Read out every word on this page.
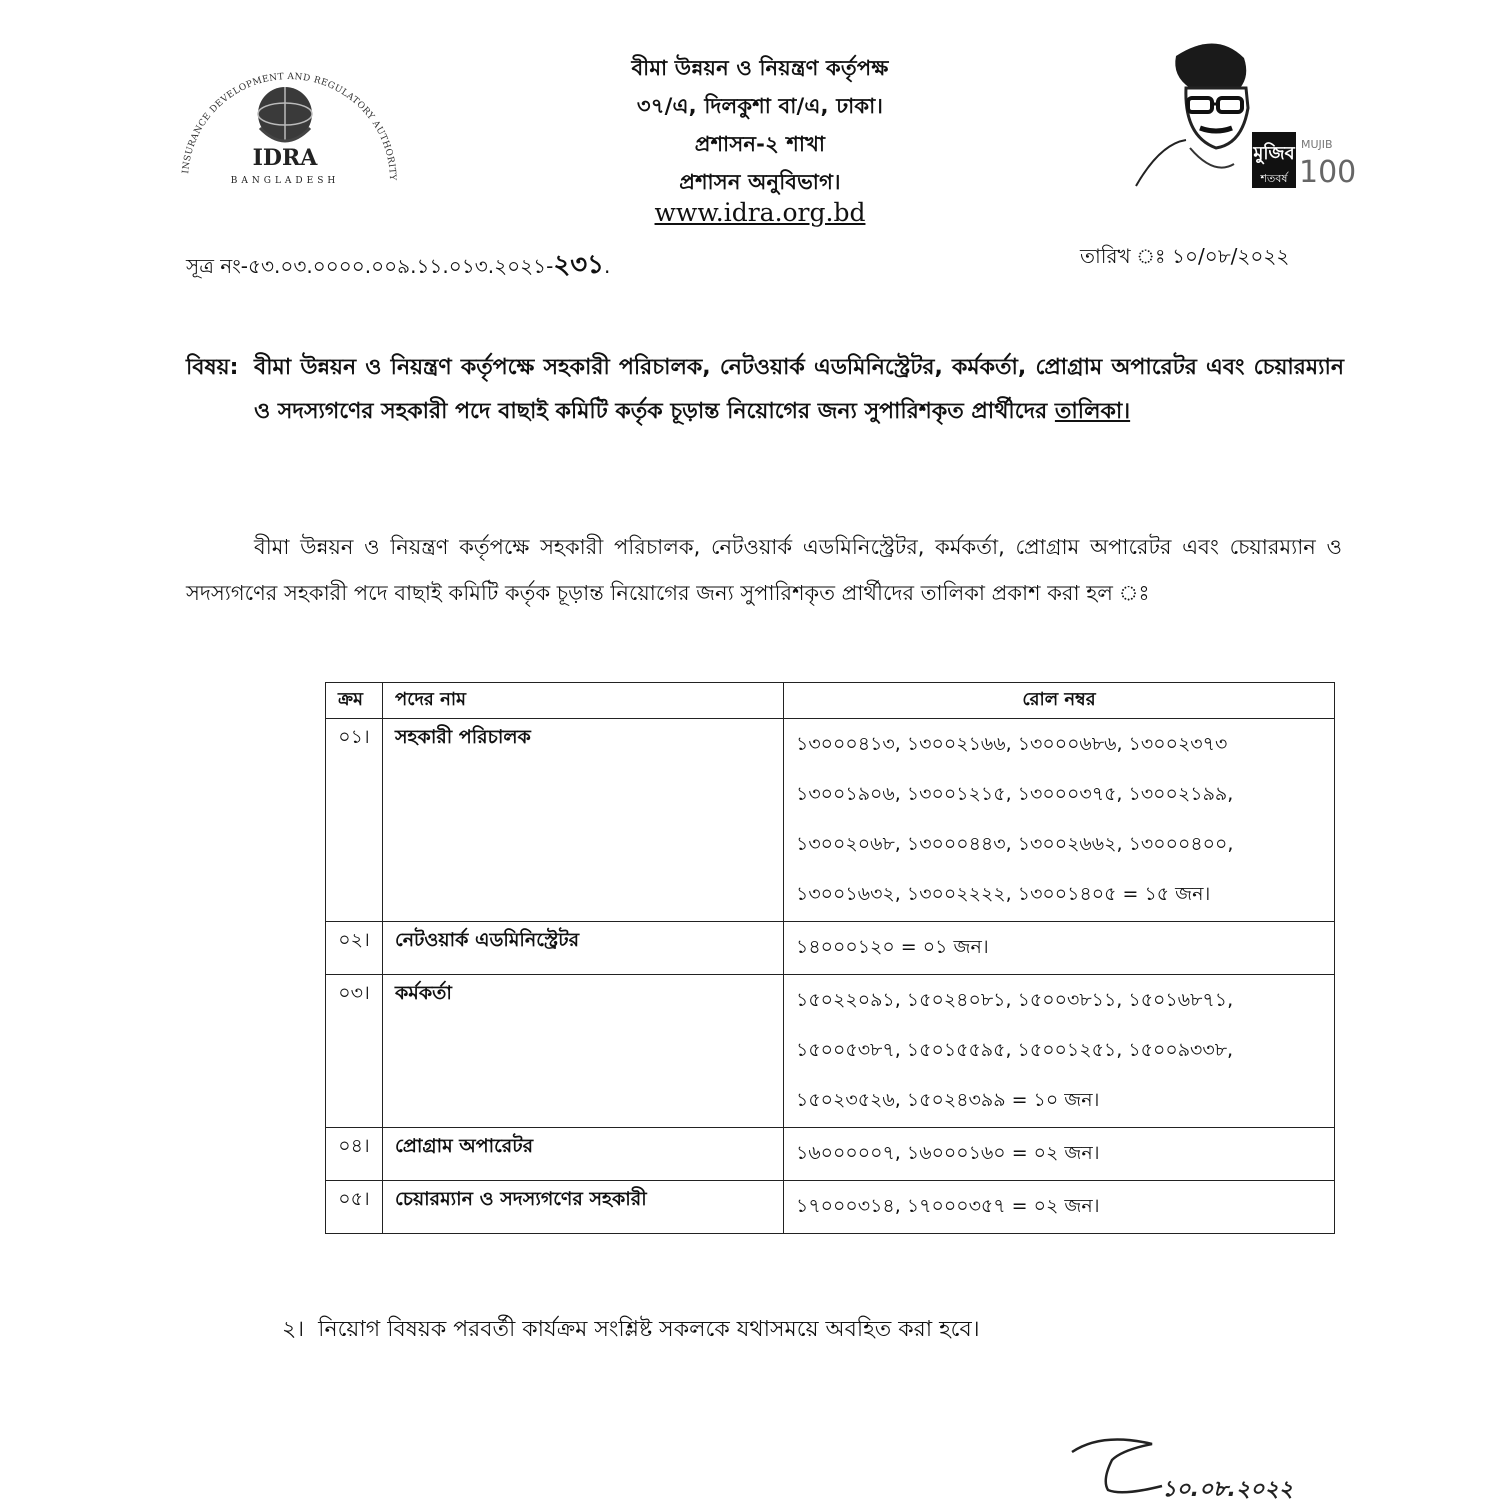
INSURANCE DEVELOPMENT AND REGULATORY AUTHORITY
IDRA
BANGLADESH
বীমা উন্নয়ন ও নিয়ন্ত্রণ কর্তৃপক্ষ
৩৭/এ, দিলকুশা বা/এ, ঢাকা।
প্রশাসন-২ শাখা
প্রশাসন অনুবিভাগ।
www.idra.org.bd
মুজিব
শতবর্ষ
MUJIB
100
সূত্র নং-৫৩.০৩.০০০০.০০৯.১১.০১৩.২০২১-২৩১.	তারিখ ঃ ১০/০৮/২০২২
বিষয়: বীমা উন্নয়ন ও নিয়ন্ত্রণ কর্তৃপক্ষে সহকারী পরিচালক, নেটওয়ার্ক এডমিনিস্ট্রেটর, কর্মকর্তা, প্রোগ্রাম অপারেটর এবং চেয়ারম্যান ও সদস্যগণের সহকারী পদে বাছাই কমিটি কর্তৃক চূড়ান্ত নিয়োগের জন্য সুপারিশকৃত প্রার্থীদের তালিকা।
বীমা উন্নয়ন ও নিয়ন্ত্রণ কর্তৃপক্ষে সহকারী পরিচালক, নেটওয়ার্ক এডমিনিস্ট্রেটর, কর্মকর্তা, প্রোগ্রাম অপারেটর এবং চেয়ারম্যান ও সদস্যগণের সহকারী পদে বাছাই কমিটি কর্তৃক চূড়ান্ত নিয়োগের জন্য সুপারিশকৃত প্রার্থীদের তালিকা প্রকাশ করা হল ঃ
ক্রম	পদের নাম	রোল নম্বর
০১।	সহকারী পরিচালক	১৩০০০৪১৩, ১৩০০২১৬৬, ১৩০০০৬৮৬, ১৩০০২৩৭৩
১৩০০১৯০৬, ১৩০০১২১৫, ১৩০০০৩৭৫, ১৩০০২১৯৯,
১৩০০২০৬৮, ১৩০০০৪৪৩, ১৩০০২৬৬২, ১৩০০০৪০০,
১৩০০১৬৩২, ১৩০০২২২২, ১৩০০১৪০৫ = ১৫ জন।

০২।	নেটওয়ার্ক এডমিনিস্ট্রেটর	১৪০০০১২০ = ০১ জন।

০৩।	কর্মকর্তা	১৫০২২০৯১, ১৫০২৪০৮১, ১৫০০৩৮১১, ১৫০১৬৮৭১,
১৫০০৫৩৮৭, ১৫০১৫৫৯৫, ১৫০০১২৫১, ১৫০০৯৩৩৮,
১৫০২৩৫২৬, ১৫০২৪৩৯৯ = ১০ জন।

০৪।	প্রোগ্রাম অপারেটর	১৬০০০০০৭, ১৬০০০১৬০ = ০২ জন।

০৫।	চেয়ারম্যান ও সদস্যগণের সহকারী	১৭০০০৩১৪, ১৭০০০৩৫৭ = ০২ জন।
২। নিয়োগ বিষয়ক পরবর্তী কার্যক্রম সংশ্লিষ্ট সকলকে যথাসময়ে অবহিত করা হবে।
১০.০৮.২০২২
